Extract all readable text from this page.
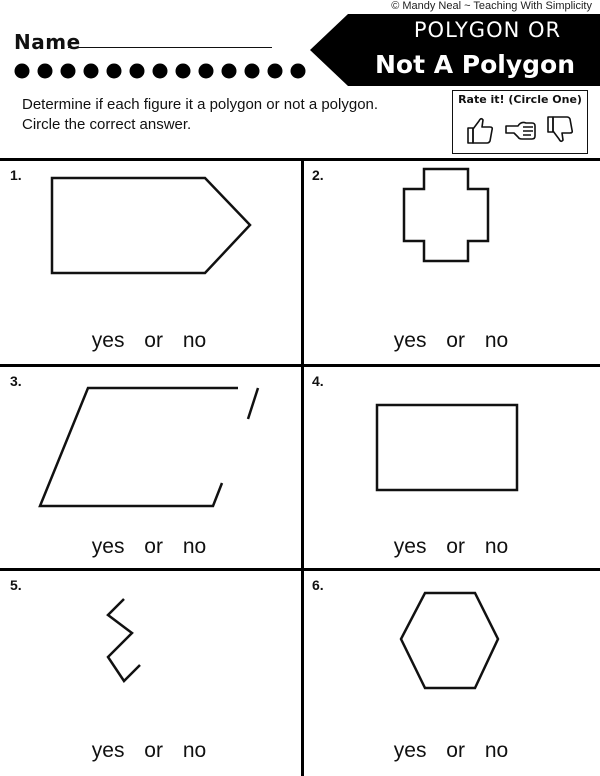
© Mandy Neal ~ Teaching With Simplicity
Name	POLYGON OR
Not A Polygon
Determine if each figure it a polygon or not a polygon. Circle the correct answer.
Rate it! (Circle One)
1.
yes or no
2.
yes or no
3.
yes or no
4.
yes or no
5.
yes or no
6.
yes or no
